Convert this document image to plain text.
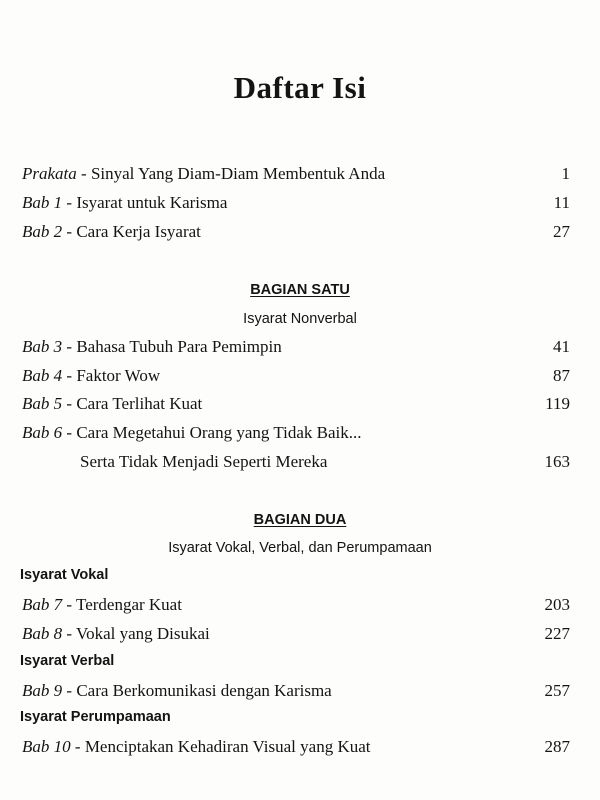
Daftar Isi
Prakata - Sinyal Yang Diam-Diam Membentuk Anda	1
Bab 1 - Isyarat untuk Karisma	11
Bab 2 - Cara Kerja Isyarat	27
BAGIAN SATU
Isyarat Nonverbal
Bab 3 - Bahasa Tubuh Para Pemimpin	41
Bab 4 - Faktor Wow	87
Bab 5 - Cara Terlihat Kuat	119
Bab 6 - Cara Megetahui Orang yang Tidak Baik...
Serta Tidak Menjadi Seperti Mereka	163
BAGIAN DUA
Isyarat Vokal, Verbal, dan Perumpamaan
Isyarat Vokal
Bab 7 - Terdengar Kuat	203
Bab 8 - Vokal yang Disukai	227
Isyarat Verbal
Bab 9 - Cara Berkomunikasi dengan Karisma	257
Isyarat Perumpamaan
Bab 10 - Menciptakan Kehadiran Visual yang Kuat	287
